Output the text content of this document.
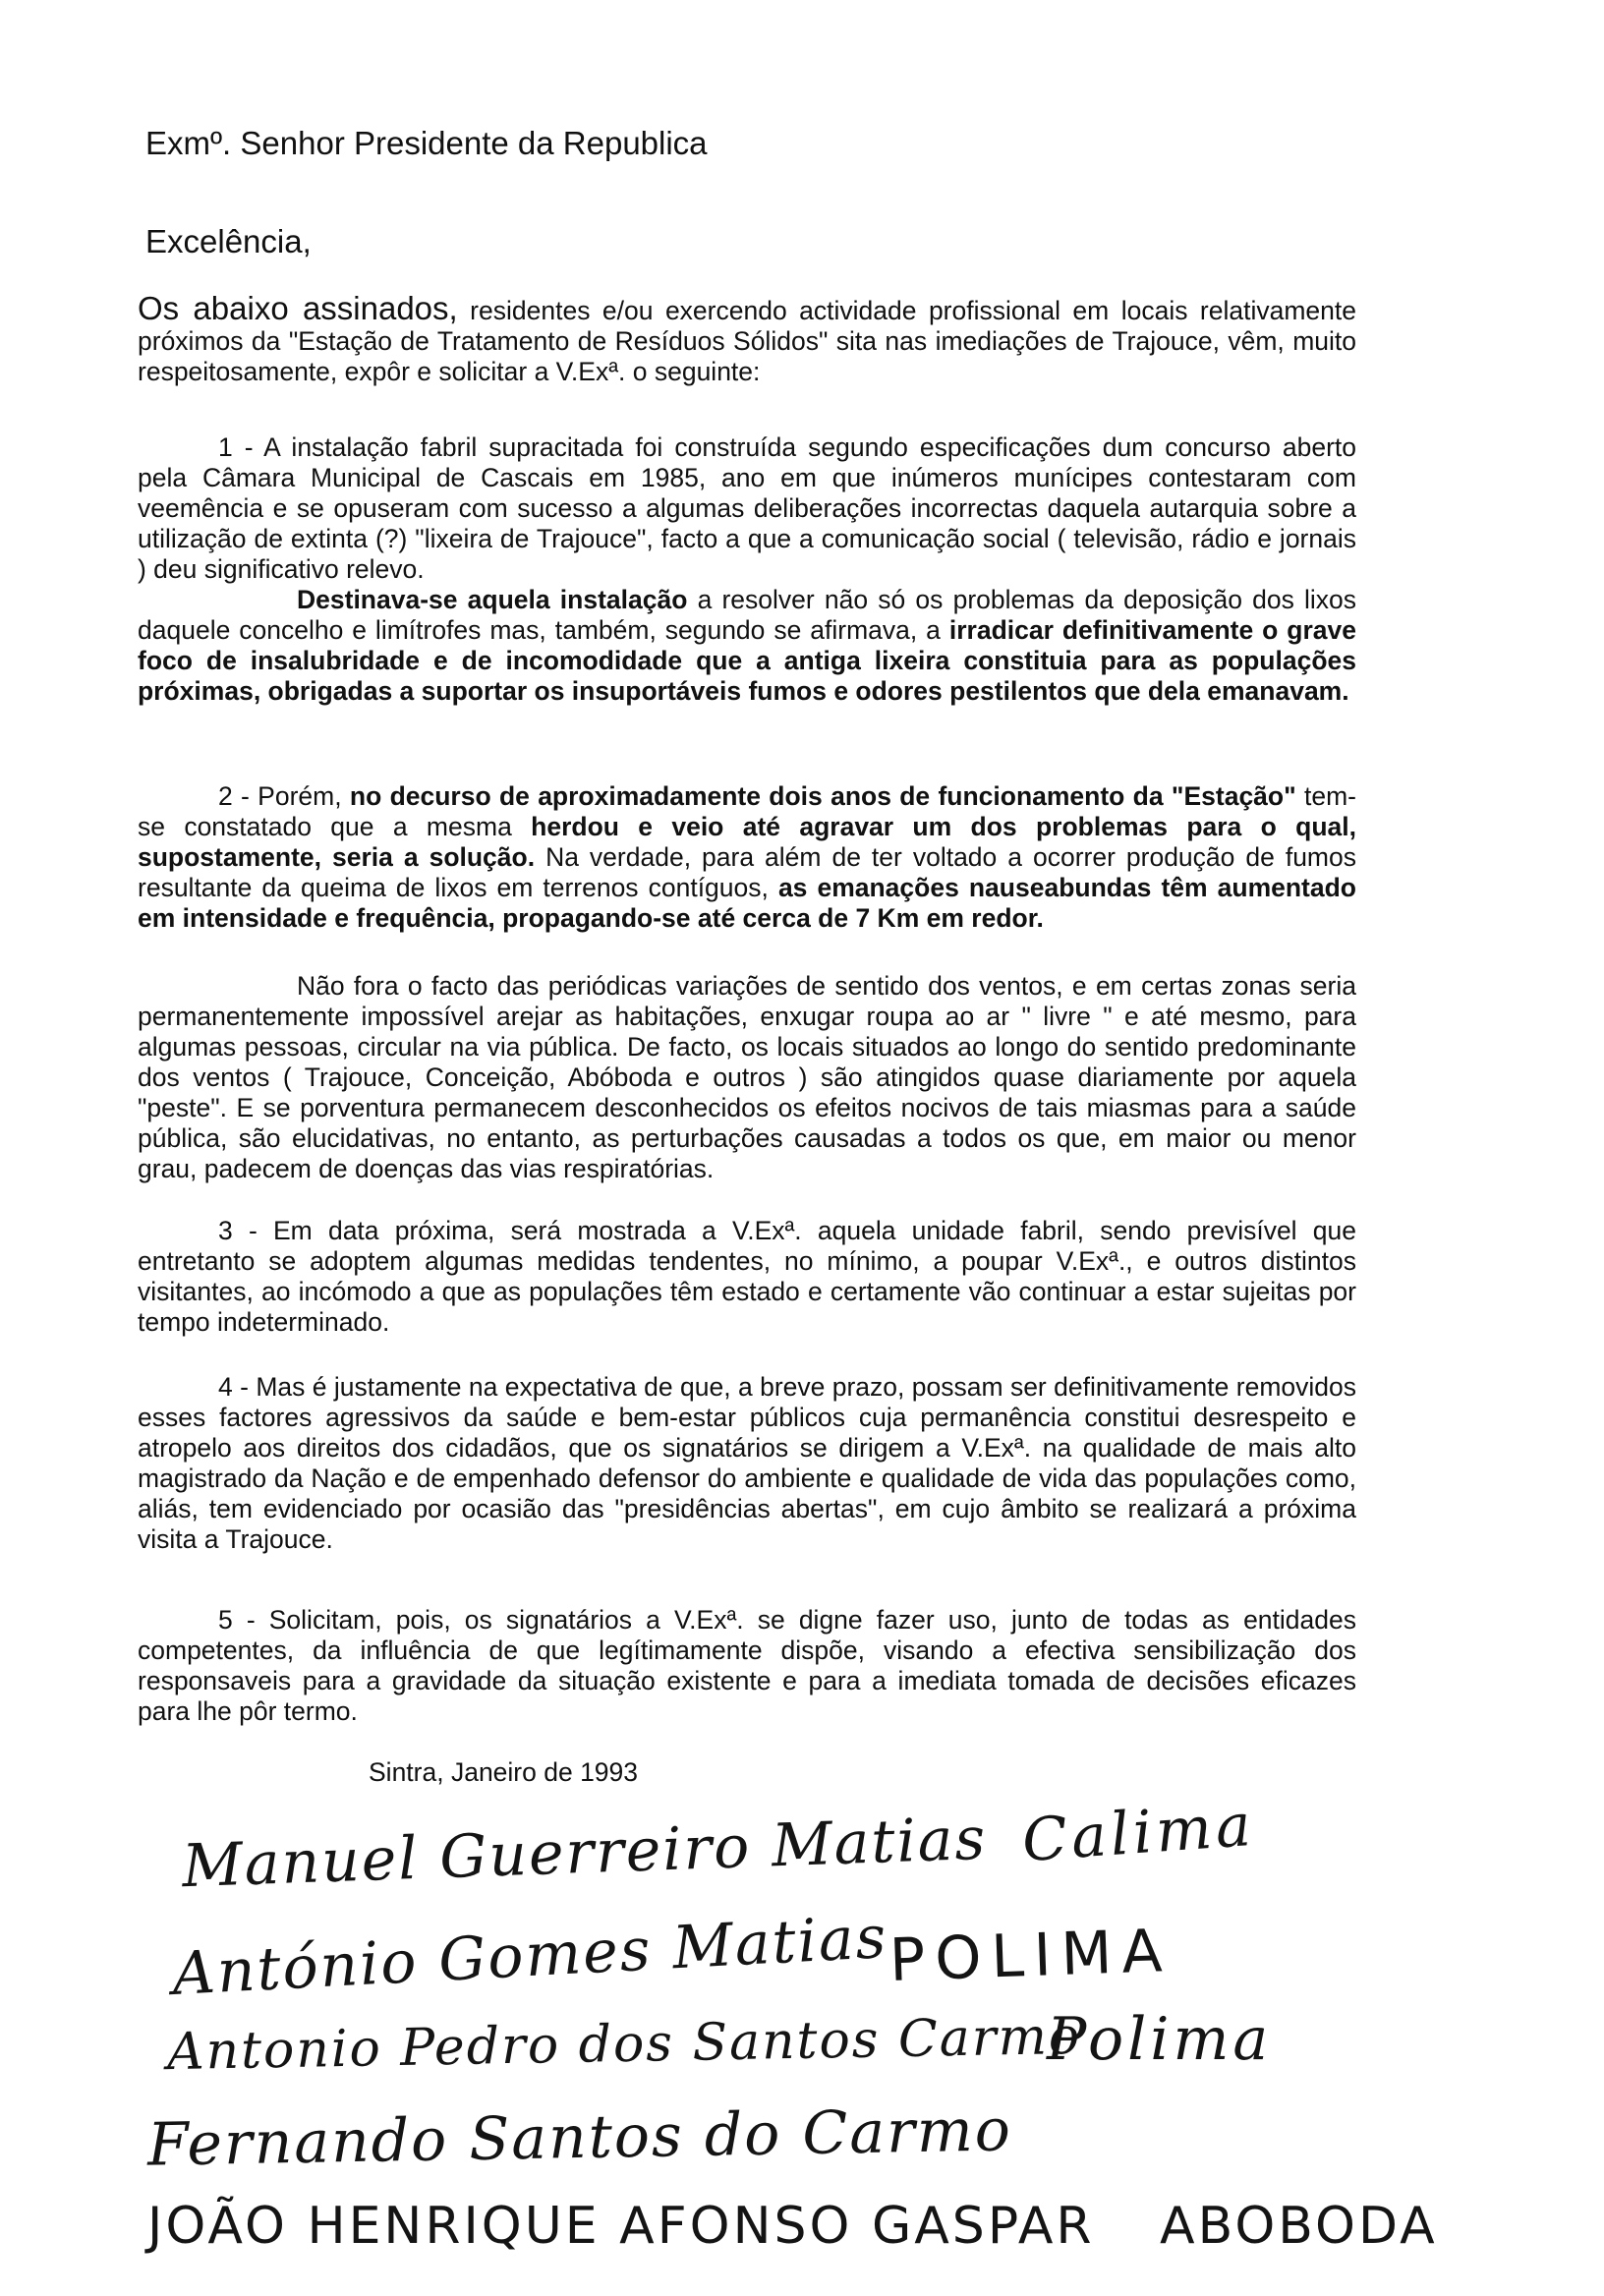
Exmº. Senhor Presidente da Republica
Excelência,

Os abaixo assinados, residentes e/ou exercendo actividade profissional em locais relativamente próximos da "Estação de Tratamento de Resíduos Sólidos" sita nas imediações de Trajouce, vêm, muito respeitosamente, expôr e solicitar a V.Exª. o seguinte:

1 - A instalação fabril supracitada foi construída segundo especificações dum concurso aberto pela Câmara Municipal de Cascais em 1985, ano em que inúmeros munícipes contestaram com veemência e se opuseram com sucesso a algumas deliberações incorrectas daquela autarquia sobre a utilização de extinta (?) "lixeira de Trajouce", facto a que a comunicação social ( televisão, rádio e jornais ) deu significativo relevo.

Destinava-se aquela instalação a resolver não só os problemas da deposição dos lixos daquele concelho e limítrofes mas, também, segundo se afirmava, a irradicar definitivamente o grave foco de insalubridade e de incomodidade que a antiga lixeira constituia para as populações próximas, obrigadas a suportar os insuportáveis fumos e odores pestilentos que dela emanavam.

2 - Porém, no decurso de aproximadamente dois anos de funcionamento da "Estação" tem-se constatado que a mesma herdou e veio até agravar um dos problemas para o qual, supostamente, seria a solução. Na verdade, para além de ter voltado a ocorrer produção de fumos resultante da queima de lixos em terrenos contíguos, as emanações nauseabundas têm aumentado em intensidade e frequência, propagando-se até cerca de 7 Km em redor.

Não fora o facto das periódicas variações de sentido dos ventos, e em certas zonas seria permanentemente impossível arejar as habitações, enxugar roupa ao ar " livre " e até mesmo, para algumas pessoas, circular na via pública. De facto, os locais situados ao longo do sentido predominante dos ventos ( Trajouce, Conceição, Abóboda e outros ) são atingidos quase diariamente por aquela "peste". E se porventura permanecem desconhecidos os efeitos nocivos de tais miasmas para a saúde pública, são elucidativas, no entanto, as perturbações causadas a todos os que, em maior ou menor grau, padecem de doenças das vias respiratórias.

3 - Em data próxima, será mostrada a V.Exª. aquela unidade fabril, sendo previsível que entretanto se adoptem algumas medidas tendentes, no mínimo, a poupar V.Exª., e outros distintos visitantes, ao incómodo a que as populações têm estado e certamente vão continuar a estar sujeitas por tempo indeterminado.

4 - Mas é justamente na expectativa de que, a breve prazo, possam ser definitivamente removidos esses factores agressivos da saúde e bem-estar públicos cuja permanência constitui desrespeito e atropelo aos direitos dos cidadãos, que os signatários se dirigem a V.Exª. na qualidade de mais alto magistrado da Nação e de empenhado defensor do ambiente e qualidade de vida das populações como, aliás, tem evidenciado por ocasião das "presidências abertas", em cujo âmbito se realizará a próxima visita a Trajouce.

5 - Solicitam, pois, os signatários a V.Exª. se digne fazer uso, junto de todas as entidades competentes, da influência de que legítimamente dispõe, visando a efectiva sensibilização dos responsaveis para a gravidade da situação existente e para a imediata tomada de decisões eficazes para lhe pôr termo.

Sintra, Janeiro de 1993
Manuel Guerreiro Matias Calima
António Gomes Matias
POLIMA
Antonio Pedro dos Santos Carmo
Polima
Fernando Santos do Carmo
JOÃO HENRIQUE AFONSO GASPAR ABOBODA
